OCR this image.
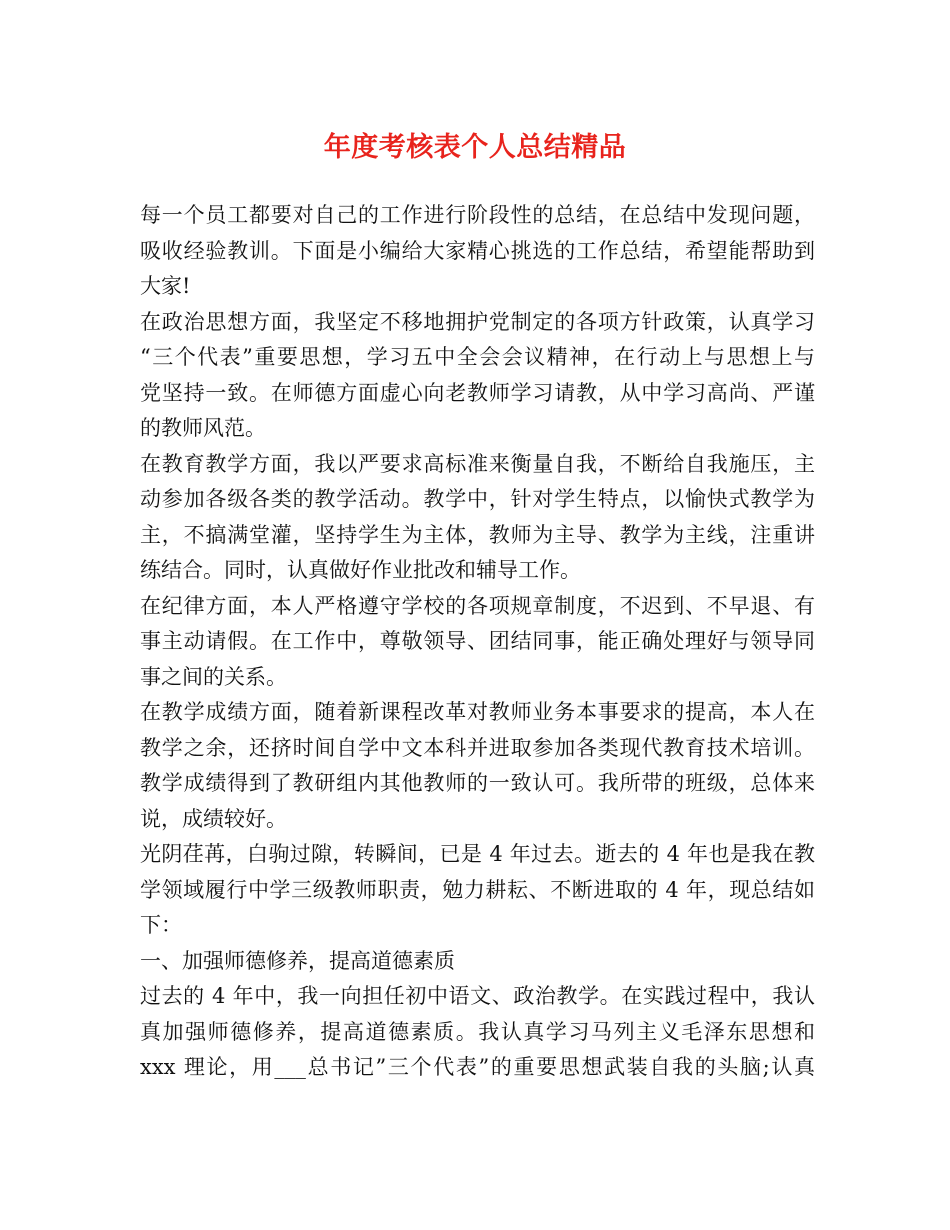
年度考核表个人总结精品
每一个员工都要对自己的工作进行阶段性的总结，在总结中发现问题，
吸收经验教训。下面是小编给大家精心挑选的工作总结，希望能帮助到
大家!
在政治思想方面，我坚定不移地拥护党制定的各项方针政策，认真学习
“三个代表”重要思想，学习五中全会会议精神，在行动上与思想上与
党坚持一致。在师德方面虚心向老教师学习请教，从中学习高尚、严谨
的教师风范。
在教育教学方面，我以严要求高标准来衡量自我，不断给自我施压，主
动参加各级各类的教学活动。教学中，针对学生特点，以愉快式教学为
主，不搞满堂灌，坚持学生为主体，教师为主导、教学为主线，注重讲
练结合。同时，认真做好作业批改和辅导工作。
在纪律方面，本人严格遵守学校的各项规章制度，不迟到、不早退、有
事主动请假。在工作中，尊敬领导、团结同事，能正确处理好与领导同
事之间的关系。
在教学成绩方面，随着新课程改革对教师业务本事要求的提高，本人在
教学之余，还挤时间自学中文本科并进取参加各类现代教育技术培训。
教学成绩得到了教研组内其他教师的一致认可。我所带的班级，总体来
说，成绩较好。
光阴荏苒，白驹过隙，转瞬间，已是 4 年过去。逝去的 4 年也是我在教
学领域履行中学三级教师职责，勉力耕耘、不断进取的 4 年，现总结如
下：
一、加强师德修养，提高道德素质
过去的 4 年中，我一向担任初中语文、政治教学。在实践过程中，我认
真加强师德修养，提高道德素质。我认真学习马列主义毛泽东思想和
xxx 理论，用___总书记”三个代表”的重要思想武装自我的头脑;认真
